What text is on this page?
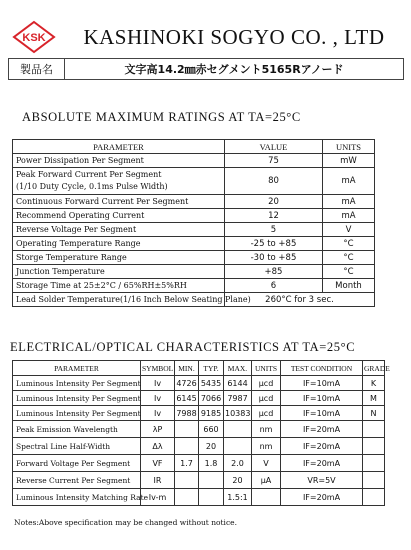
KSK	KASHINOKI SOGYO CO. , LTD
製品名	文字高14.2㎜赤セグメント5165Rアノード
ABSOLUTE MAXIMUM RATINGS AT TA=25°C
PARAMETER	VALUE	UNITS
Power Dissipation Per Segment	75	mW
Peak Forward Current Per Segment
(1/10 Duty Cycle, 0.1ms Pulse Width)	80	mA
Continuous Forward Current Per Segment	20	mA
Recommend Operating Current	12	mA
Reverse Voltage Per Segment	5	V
Operating Temperature Range	-25 to +85	°C
Storge Temperature Range	-30 to +85	°C
Junction Temperature	+85	°C
Storage Time at 25±2°C / 65%RH±5%RH	6	Month
Lead Solder Temperature(1/16 Inch Below Seating Plane)	260°C for 3 sec.	
ELECTRICAL/OPTICAL CHARACTERISTICS AT TA=25°C
PARAMETER	SYMBOL	MIN.	TYP.	MAX.	UNITS	TEST CONDITION	GRADE
Luminous Intensity Per Segment	Iv	4726	5435	6144	μcd	IF=10mA	K
Luminous Intensity Per Segment	Iv	6145	7066	7987	μcd	IF=10mA	M
Luminous Intensity Per Segment	Iv	7988	9185	10383	μcd	IF=10mA	N
Peak Emission Wavelength	λP		660		nm	IF=20mA	
Spectral Line Half-Width	Δλ		20		nm	IF=20mA	
Forward Voltage Per Segment	VF	1.7	1.8	2.0	V	IF=20mA	
Reverse Current Per Segment	IR			20	μA	VR=5V	
Luminous Intensity Matching Rate	Iv-m			1.5:1		IF=20mA	
Notes:Above specification may be changed without notice.
